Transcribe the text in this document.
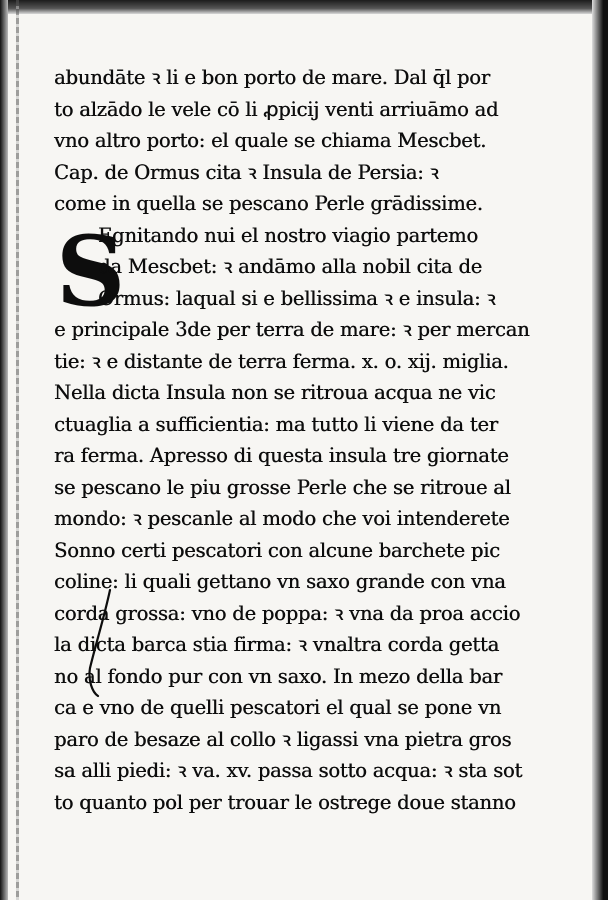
S
abundāte ꝛ li e bon porto de mare. Dal q̄l por
to alzādo le vele cō li ꝓpicij venti arriuāmo ad
vno altro porto: el quale se chiama Mescbet.
Cap. de Ormus cita ꝛ Insula de Persia: ꝛ
come in quella se pescano Perle grādissime.
Egnitando nui el nostro viagio partemo
da Mescbet: ꝛ andāmo alla nobil cita de
Ormus: laqual si e bellissima ꝛ e insula: ꝛ
e principale 3de per terra de mare: ꝛ per mercan
tie: ꝛ e distante de terra ferma. x. o. xij. miglia.
Nella dicta Insula non se ritroua acqua ne vic
ctuaglia a sufficientia: ma tutto li viene da ter
ra ferma. Apresso di questa insula tre giornate
se pescano le piu grosse Perle che se ritroue al
mondo: ꝛ pescanle al modo che voi intenderete
Sonno certi pescatori con alcune barchete pic
coline: li quali gettano vn saxo grande con vna
corda grossa: vno de poppa: ꝛ vna da proa accio
la dicta barca stia firma: ꝛ vnaltra corda getta
no al fondo pur con vn saxo. In mezo della bar
ca e vno de quelli pescatori el qual se pone vn
paro de besaze al collo ꝛ ligassi vna pietra gros
sa alli piedi: ꝛ va. xv. passa sotto acqua: ꝛ sta sot
to quanto pol per trouar le ostrege doue stanno
